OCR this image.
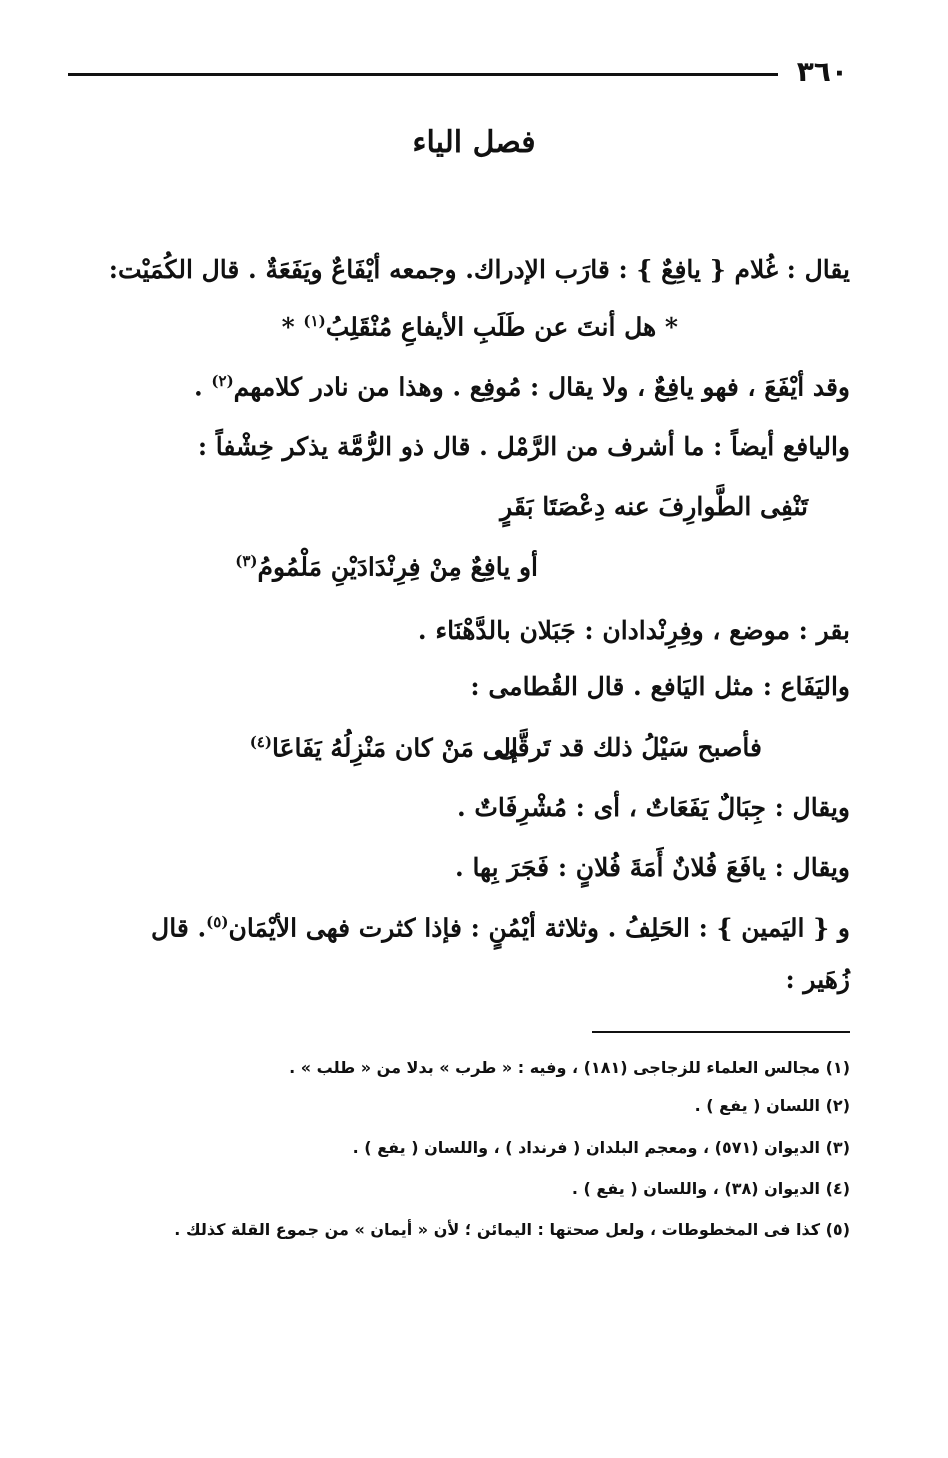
٣٦٠
فصل الياء
يقال : غُلام { يافِعٌ } : قارَب الإدراك. وجمعه أيْفَاعٌ ويَفَعَةٌ . قال الكُمَيْت:
* هل أنتَ عن طَلَبِ الأيفاعِ مُنْقَلِبُ$^{(١)}$ *
وقد أيْفَعَ ، فهو يافِعٌ ، ولا يقال : مُوفِع . وهذا من نادر كلامهم$^{(٢)}$ .
واليافع أيضاً : ما أشرف من الرَّمْل . قال ذو الرُّمَّة يذكر خِشْفاً :
تَنْفِى الطَّوارِفَ عنه دِعْصَتَا بَقَرٍ
أو يافِعٌ مِنْ فِرِنْدَادَيْنِ مَلْمُومُ$^{(٣)}$
بقر : موضع ، وفِرِنْدادان : جَبَلان بالدَّهْنَاء .
واليَفَاع : مثل اليَافع . قال القُطامى :
فأصبح سَيْلُ ذلك قد تَرقَّى
إلى مَنْ كان مَنْزِلُهُ يَفَاعَا$^{(٤)}$
ويقال : جِبَالٌ يَفَعَاتٌ ، أى : مُشْرِفَاتٌ .
ويقال : يافَعَ فُلانٌ أَمَةَ فُلانٍ : فَجَرَ بِها .
و { اليَمين } : الحَلِفُ . وثلاثة أيْمُنٍ : فإذا كثرت فهى الأيْمَان$^{(٥)}$. قال
زُهَير :
(١) مجالس العلماء للزجاجى (١٨١) ، وفيه : « طرب » بدلا من « طلب » .
(٢) اللسان ( يفع ) .
(٣) الديوان (٥٧١) ، ومعجم البلدان ( فرنداد ) ، واللسان ( يفع ) .
(٤) الديوان (٣٨) ، واللسان ( يفع ) .
(٥) كذا فى المخطوطات ، ولعل صحتها : اليمائن ؛ لأن « أيمان » من جموع القلة كذلك .
